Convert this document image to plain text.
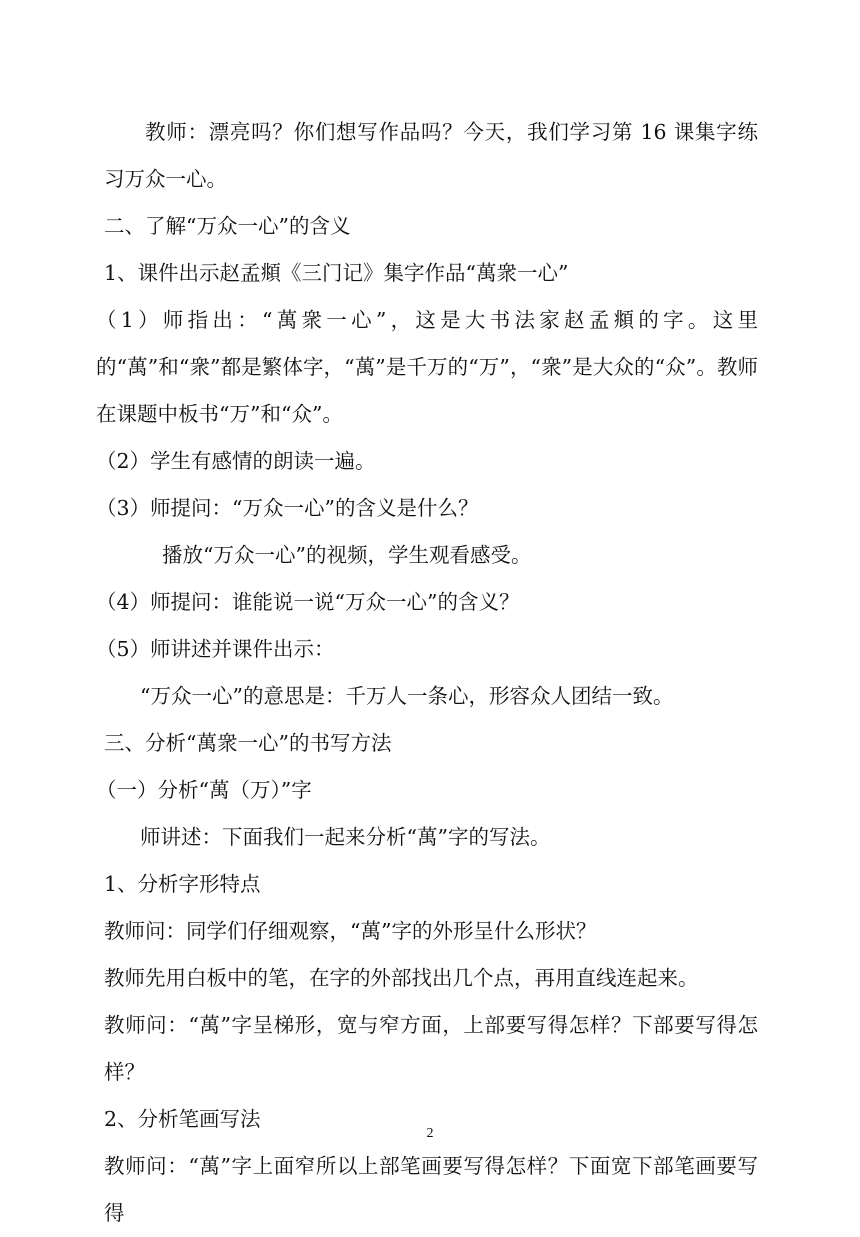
教师：漂亮吗？你们想写作品吗？今天，我们学习第 16 课集字练习万众一心。

二、了解“万众一心”的含义

1、课件出示赵孟頫《三门记》集字作品“萬衆一心”

（1）师指出：“萬衆一心”，这是大书法家赵孟頫的字。这里的“萬”和“衆”都是繁体字，“萬”是千万的“万”，“衆”是大众的“众”。教师在课题中板书“万”和“众”。

（2）学生有感情的朗读一遍。

（3）师提问：“万众一心”的含义是什么？

播放“万众一心”的视频，学生观看感受。

（4）师提问：谁能说一说“万众一心”的含义？

（5）师讲述并课件出示：

“万众一心”的意思是：千万人一条心，形容众人团结一致。

三、分析“萬衆一心”的书写方法

（一）分析“萬（万）”字

师讲述：下面我们一起来分析“萬”字的写法。

1、分析字形特点

教师问：同学们仔细观察，“萬”字的外形呈什么形状？

教师先用白板中的笔，在字的外部找出几个点，再用直线连起来。

教师问：“萬”字呈梯形，宽与窄方面，上部要写得怎样？下部要写得怎样？

2、分析笔画写法

教师问：“萬”字上面窄所以上部笔画要写得怎样？下面宽下部笔画要写得

2
